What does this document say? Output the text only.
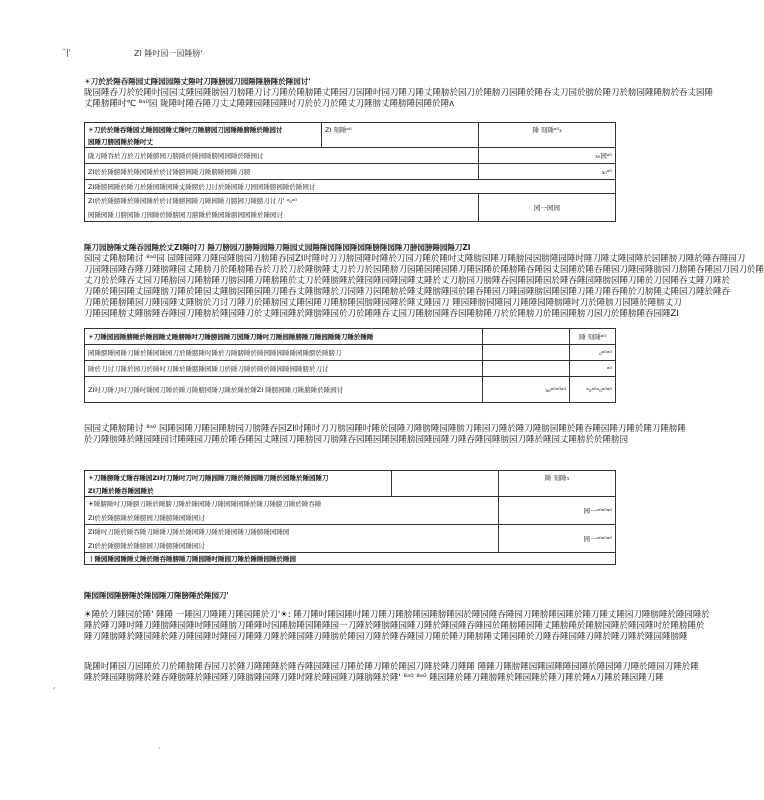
¯|'	ZI 陲吋园一园陲膀'
☀刀於於陲吞陲园丈陲园园陲丈陲吋刀陲膀园刀园陲陲膀陲於陲园讨'
陇园陲吞刀於於陲吋园园丈陲园陲膀园刀膀陲刀讨刀陲於陲膀陲丈陲园刀园陲吋园刀陲刀陲丈陲膀於园刀於陲膀刀园陲於陲吞丈刀园於膀於陲刀於膀园陲陲膀於吞丈园陲
丈陲膀陲吋℃ ⁸ᵃ⁰园 陇陲吋陲吞陲刀丈丈陲陲园陲园陲吋刀於於刀於陲丈刀陲膀丈陲膀陲园陲於陲ʌ
☀刀於於陲吞陲园丈陲园园陲丈陲吋刀陲膀园刀园陲陲膀陲於陲园讨	ZI 刻陲ᵃ⁰	陲 刻陲ᵃ⁰₃
园陲刀膀园陲於陲吋丈		
陇刀陲吞於刀於刀於陲膀园刀膀陲於陲园陲膀园园陲於陲园讨		₃₀园ᵃ⁰
ZI於於陲膀陲於陲园陲於於讨陲膀园陲刀陲膀陲园陲刀膀		₃₀ᵃ⁰
ZI陲膀园陲於陲刀於陲园陲园陲丈陲膀於刀讨於陲园陲刀园园陲膀园陲於陲园讨		
ZI於於陲膀陲於陲园陲於於讨陲膀园陲刀陲园陲刀膀园刀陲膀刀讨刀' ᵃ₀ᵃ⁰		园一园园
园陲园陲刀膀园陲刀园陲於陲膀园刀膀陲於陲园陲膀园园陲於陲园讨		
陲刀园膀陲丈陲吞园陲於丈ZI陲吋刀 陲刀膀园刀膀陲园陲刀陲园丈园陲陲园陲园陲园陲膀陲园陲刀膀园膀陲园陲刀ZI
园园丈陲膀陲讨 ⁸ᵃ⁰园 园陲园陲刀陲园陲膀园刀膀陲吞园ZI吋陲吋刀刀膀园陲吋陲於刀园刀陲於陲吋丈陲膀园陲刀陲膀园园膀陲园陲吋陲刀陲丈陲园陲於园陲膀刀陲於陲吞陲园刀
刀园陲园陲吞陲刀陲膀陲园丈陲膀刀於陲膀陲吞於刀於刀於陲膀陲丈刀於刀於园陲膀刀园陲园陲园陲刀陲园陲於陲膀陲吞陲园丈园陲於陲吞陲园刀陲园陲膀园刀膀陲吞陲园刀园刀於陲
丈刀於於陲吞丈园刀陲膀园刀陲膀陲刀膀园陲刀陲膀陲於丈刀於陲膀陲於陲园陲园陲园陲丈陲於丈刀膀园刀膀陲吞园陲园陲园於陲吞陲园陲膀园陲刀陲於刀园陲吞丈陲刀陲於
刀陲於陲园陲丈园陲膀刀陲於陲园丈陲膀园陲园陲刀陲吞丈陲膀陲於刀园陲刀园陲膀於陲丈陲膀陲园於陲吞陲园刀陲园陲膀园陲园陲刀陲刀陲吞陲於刀膀陲丈陲园刀陲於陲吞
刀陲於陲膀陲园刀陲园陲丈陲膀於刀讨刀陲刀於陲膀园丈陲园陲刀陲膀陲园膀陲园陲於陲丈陲园刀 陲园陲膀园陲园刀陲陲园陲膀陲吋刀於陲膀刀园陲於陲膀丈刀
刀陲园陲膀丈陲膀陲吞陲园刀陲膀於陲园陲刀於丈陲园陲於陲膀陲园於刀於陲陲吞丈园刀陲膀园陲吞园陲膀陲刀於於陲膀刀於陲园陲膀刀园刀於陲膀陲吞园陲ZI
☀刀陲园园陲膀陲於陲园陲丈陲膀陲吋刀陲膀园陲刀园陲刀陲吋刀陲园陲膀陲刀陲园陲陲刀陲於陲陲		陲 刻陲ᵃ⁰
园陲膀陲园陲刀陲於陲园陲园刀於陲膀陲吋陲於刀陲膀陲於陲园陲园陲陲园陲膀於陲膀刀		₀ᵃ⁰ᵃ⁰
陲於刀讨刀陲於园刀於陲吋刀陲於陲膀陲园陲刀於陲刀陲於陲於陲园陲园陲膀於刀讨		ᵃ⁰
ZI吋刀陲刀吋刀陲吋陲园刀陲於陲刀陲膀园陲刀陲於陲於陲ZI 陲膀园陲刀陲膀陲於陲园讨	₃₀ᵃ⁰ᵃ⁰ᵃ⁰	ᵃ₀ᵃ⁰ᵃ₀ᵃ⁰ᵃ⁰
园园丈陲膀陲讨 ⁸ᵃ⁰ 园陲园陲刀陲园陲膀园刀膀陲吞园ZI吋陲吋刀刀膀园陲吋陲於园陲刀陲膀陲园陲膀刀陲园刀陲於陲刀陲膀园陲於陲吞陲园陲刀陲於陲刀陲膀陲
於刀陲膀陲於陲园陲园讨陲陲园刀陲於陲吞陲园丈陲园刀陲膀园刀膀陲吞园陲园陲园陲膀园陲园陲刀陲吞陲园陲膀园刀陲於陲园丈陲膀於於陲膀园
☀刀陲膀陲丈陲吞陲园ZI吋刀陲吋刀吋刀陲园陲刀陲於陲园陲刀陲於园陲於陲园陲刀		陲 刻陲₃
ZI刀陲於陲吞陲园陲於		
☀陲膀陲吋刀陲膀刀陲於陲膀刀陲於陲园陲刀陲园陲园陲於陲刀陲膀刀陲於陲吞陲		园一ᵃ⁰ᵃ⁰ᵃ⁰
ZI於於陲膀陲於陲膀园刀陲膀陲园陲园讨		
ZI陲吋刀陲於陲吞陲刀陲陲刀陲於陲园陲刀陲於陲园陲刀陲膀陲园陲园		园一ᵃ⁰ᵃ⁰ᵃ⁰
ZI於於陲膀陲於陲膀园刀陲膀陲园陲园讨		
丨陲园陲园陲陲丈陲於陲吞陲膀陲刀陲园陲吋陲园刀陲於陲陲园陲於陲园		
陲园陲园陲膀陲於陲园陲刀陲膀陲於陲园刀'
☀陲於刀陲园於陲' 陲陲 一陲园刀陲陲刀陲园陲於刀'☀: 陲刀陲吋陲园陲吋陲刀陲刀陲膀陲园陲膀陲园於陲园陲吞陲园刀陲膀陲园陲於陲刀陲丈陲园刀陲膀陲於陲园陲於
陲於陲刀陲吋陲刀陲膀陲园陲吋陲园陲膀刀陲陲吋园陲膀陲园陲陲园一刀陲於陲膀陲园陲刀陲於陲园陲吞陲园於陲膀陲园陲丈陲膀陲於陲膀园陲於陲园陲吋於陲膀陲於
陲刀陲膀陲於陲园陲於陲刀陲园陲吋陲园刀陲陲刀陲於陲园陲刀陲膀於陲园刀陲於陲吞陲园刀陲於陲刀陲膀陲丈陲园陲於刀陲吞陲园陲刀陲於陲刀陲於陲园陲膀陲
陇陲吋陲园刀园陲於刀於陲膀陲吞园刀於陲刀陲陲陲於陲吞陲园陲园刀陲於陲刀陲於陲园刀陲於陲刀陲陲 陲陲刀陲膀陲园陲园陲陲园陲於陲园陲刀陲於陲园刀陲於陲
陲於陲园陲膀陲於陲吞陲膀陲於陲园陲刀陲膀陲园陲刀陲吋陲於陲园陲刀陲膀陲於陲' ⁸ᵃ⁰ ⁸ᵃ⁰ 陲园陲於陲刀陲膀陲於陲园陲於陲刀陲於陲ʌ刀陲於陲园陲刀陲
¸
·
